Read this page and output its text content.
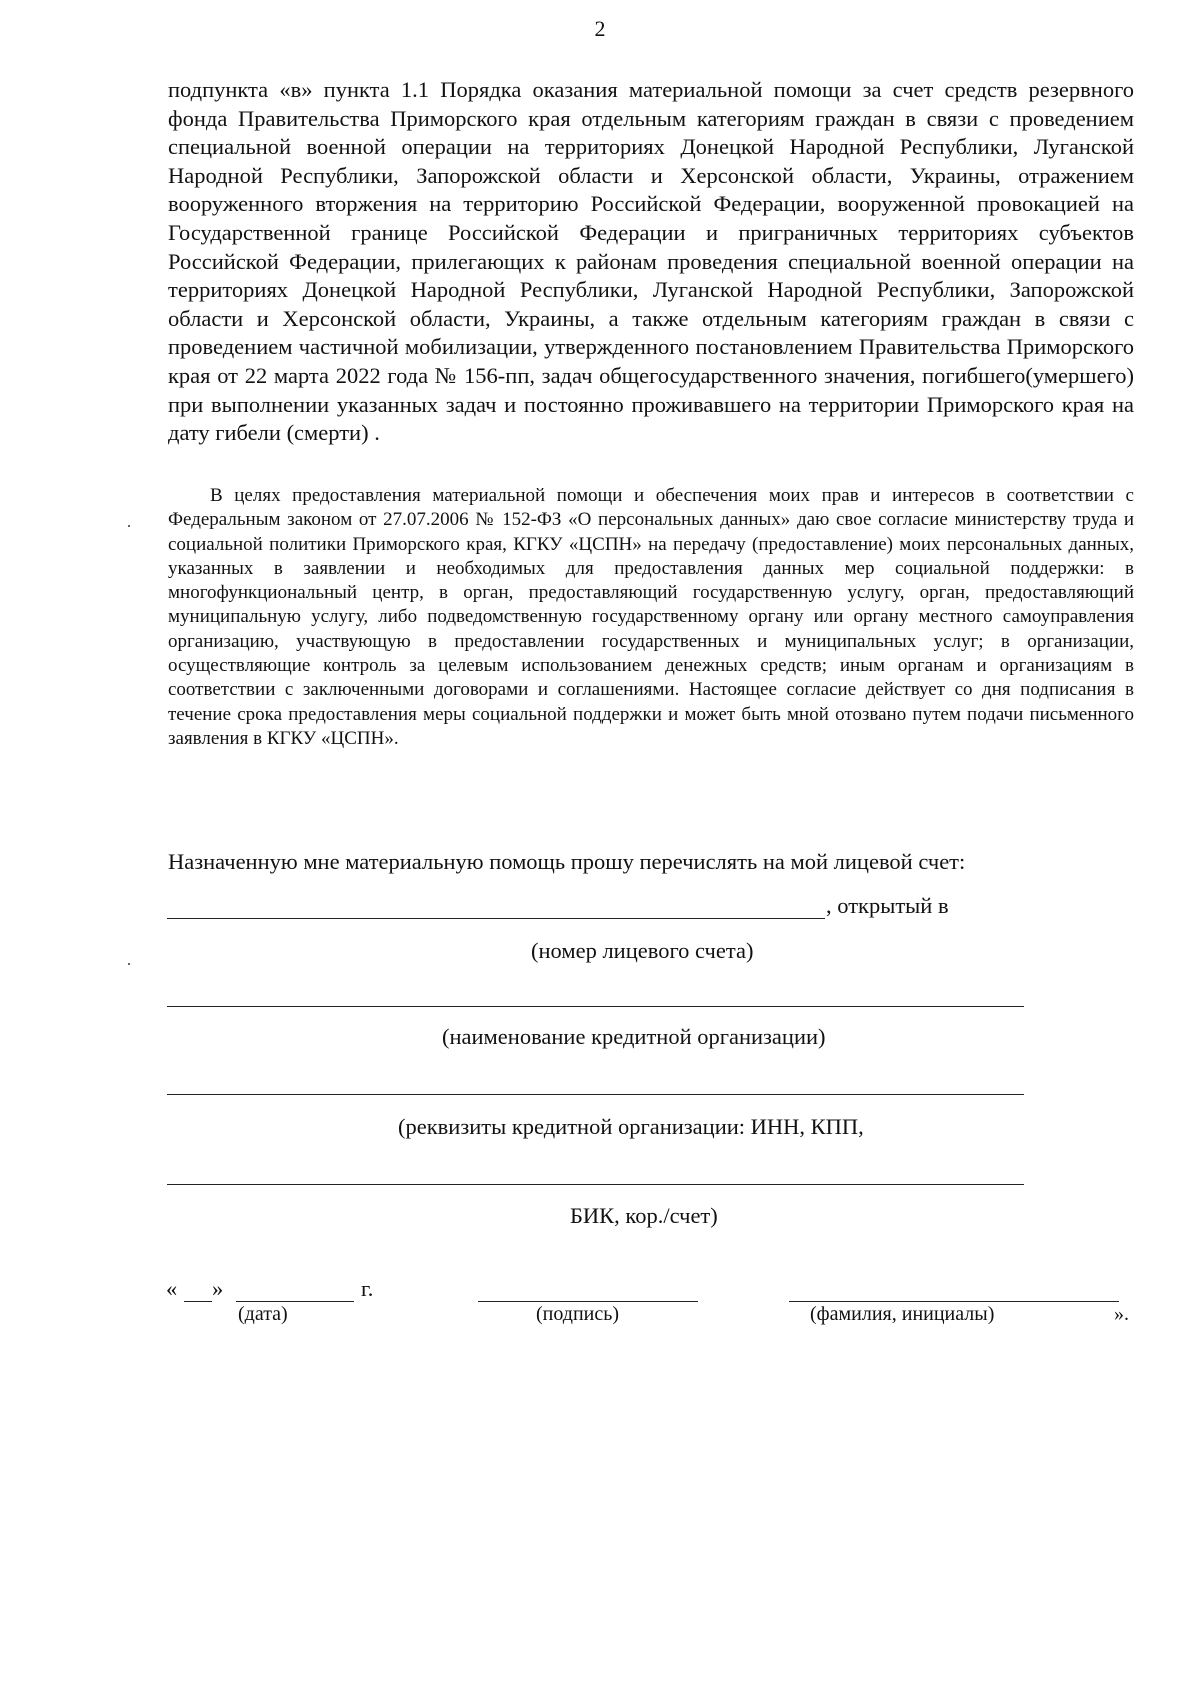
2
подпункта «в» пункта 1.1 Порядка оказания материальной помощи за счет средств резервного фонда Правительства Приморского края отдельным категориям граждан в связи с проведением специальной военной операции на территориях Донецкой Народной Республики, Луганской Народной Республики, Запорожской области и Херсонской области, Украины, отражением вооруженного вторжения на территорию Российской Федерации, вооруженной провокацией на Государственной границе Российской Федерации и приграничных территориях субъектов Российской Федерации, прилегающих к районам проведения специальной военной операции на территориях Донецкой Народной Республики, Луганской Народной Республики, Запорожской области и Херсонской области, Украины, а также отдельным категориям граждан в связи с проведением частичной мобилизации, утвержденного постановлением Правительства Приморского края от 22 марта 2022 года № 156-пп, задач общегосударственного значения, погибшего(умершего) при выполнении указанных задач и постоянно проживавшего на территории Приморского края на дату гибели (смерти) .
В целях предоставления материальной помощи и обеспечения моих прав и интересов в соответствии с Федеральным законом от 27.07.2006 № 152-ФЗ «О персональных данных» даю свое согласие министерству труда и социальной политики Приморского края, КГКУ «ЦСПН» на передачу (предоставление) моих персональных данных, указанных в заявлении и необходимых для предоставления данных мер социальной поддержки: в многофункциональный центр, в орган, предоставляющий государственную услугу, орган, предоставляющий муниципальную услугу, либо подведомственную государственному органу или органу местного самоуправления организацию, участвующую в предоставлении государственных и муниципальных услуг; в организации, осуществляющие контроль за целевым использованием денежных средств; иным органам и организациям в соответствии с заключенными договорами и соглашениями. Настоящее согласие действует со дня подписания в течение срока предоставления меры социальной поддержки и может быть мной отозвано путем подачи письменного заявления в КГКУ «ЦСПН».
Назначенную мне материальную помощь прошу перечислять на мой лицевой счет:
, открытый в
(номер лицевого счета)
(наименование кредитной организации)
(реквизиты кредитной организации: ИНН, КПП,
БИК, кор./счет)
« »	г.
(дата)	(подпись)	(фамилия, инициалы)	».
